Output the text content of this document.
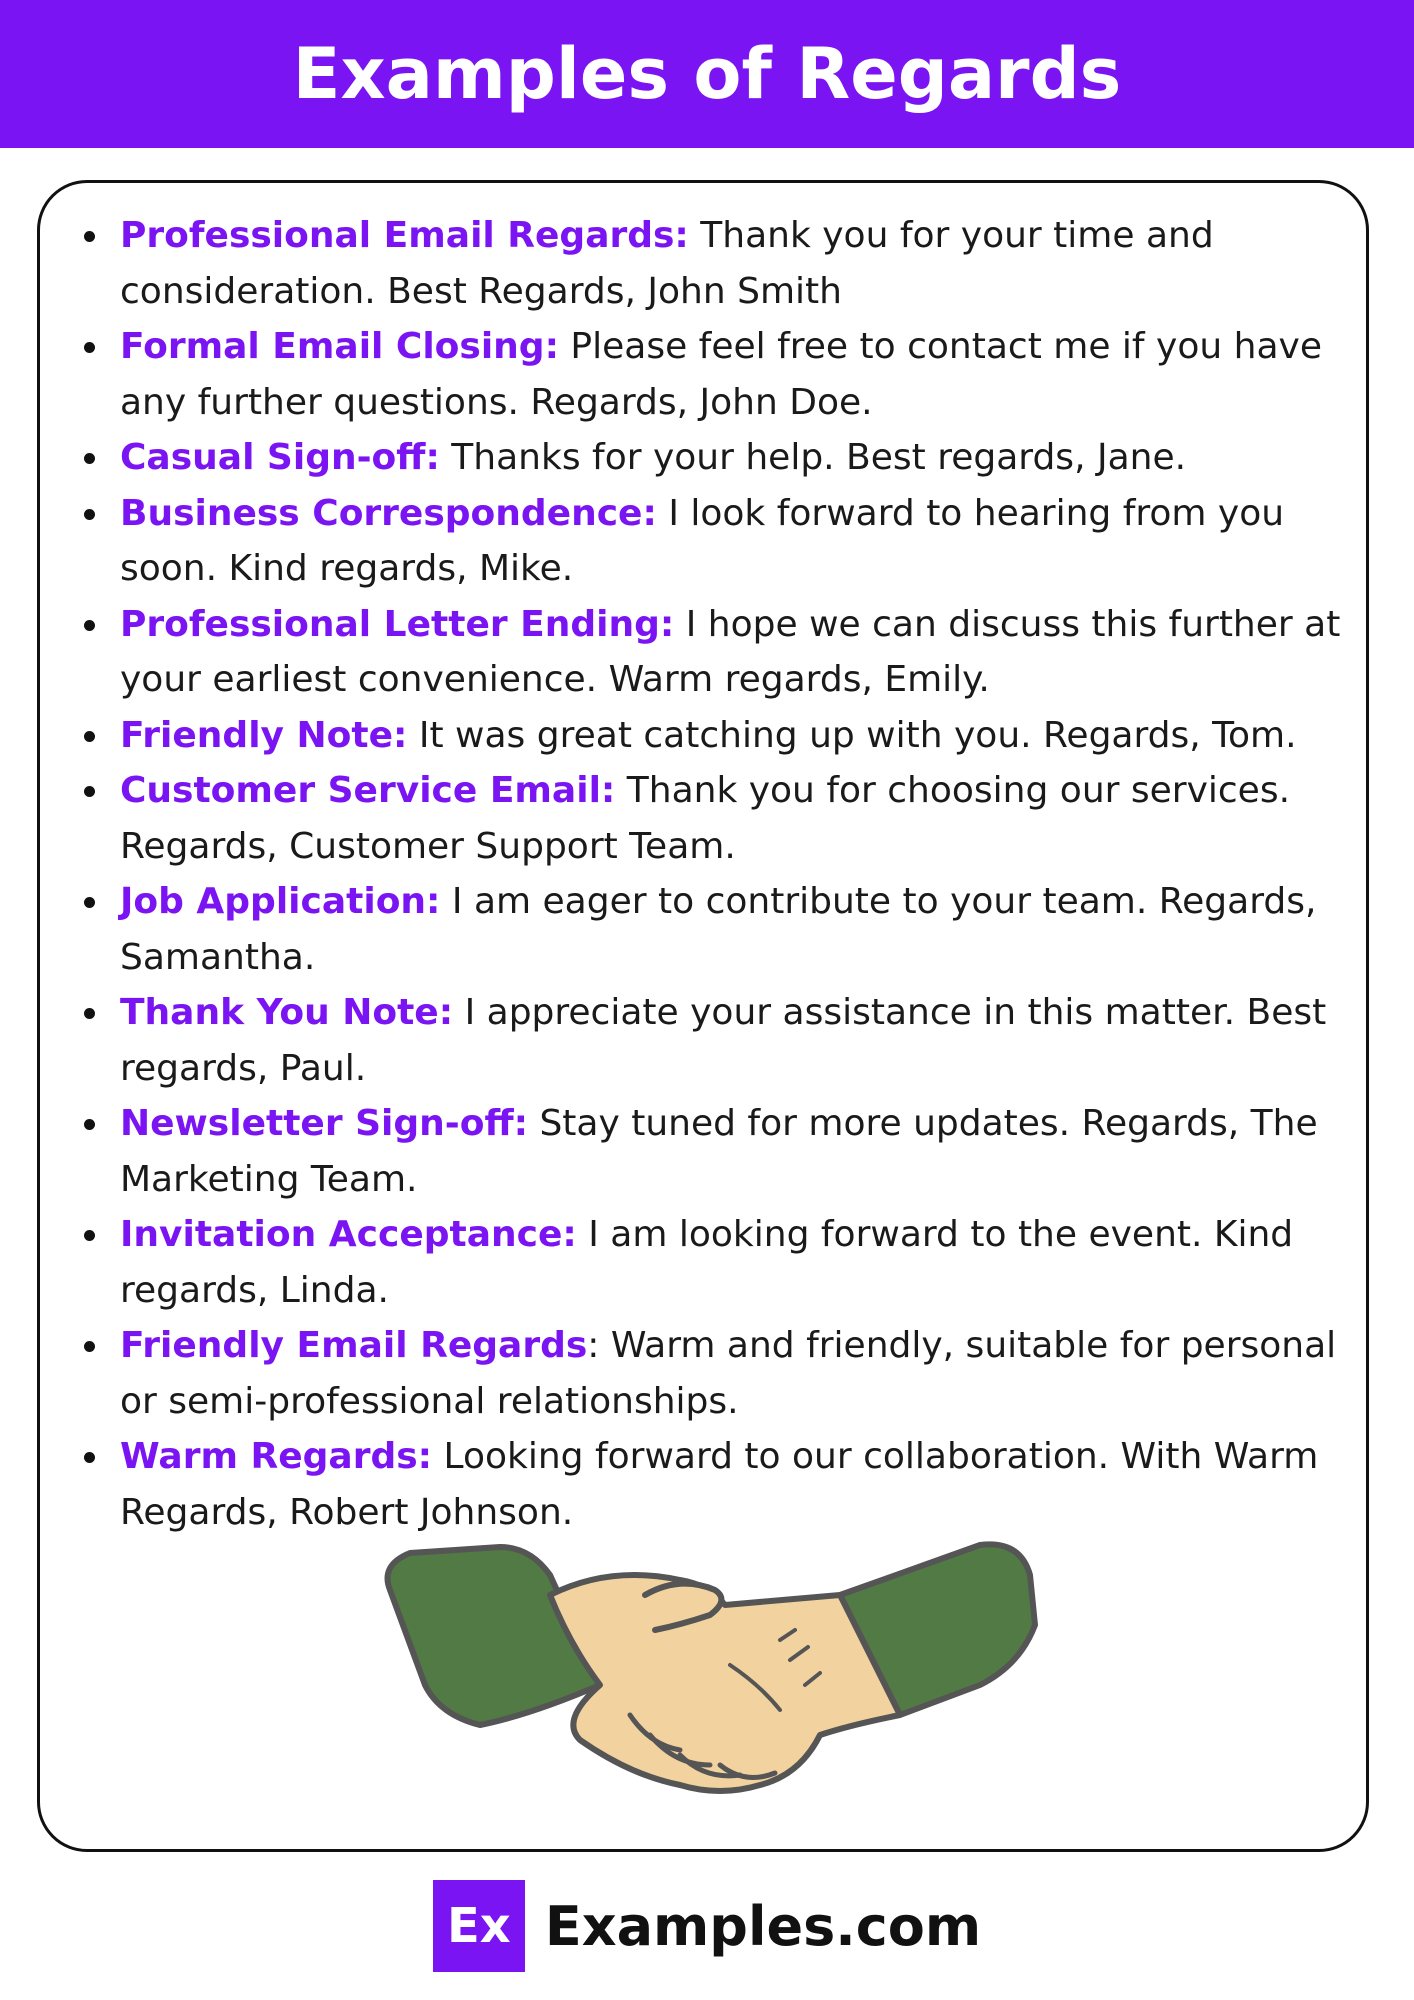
Examples of Regards
Professional Email Regards: Thank you for your time and
consideration. Best Regards, John Smith
Formal Email Closing: Please feel free to contact me if you have
any further questions. Regards, John Doe.
Casual Sign-off: Thanks for your help. Best regards, Jane.
Business Correspondence: I look forward to hearing from you
soon. Kind regards, Mike.
Professional Letter Ending: I hope we can discuss this further at
your earliest convenience. Warm regards, Emily.
Friendly Note: It was great catching up with you. Regards, Tom.
Customer Service Email: Thank you for choosing our services.
Regards, Customer Support Team.
Job Application: I am eager to contribute to your team. Regards,
Samantha.
Thank You Note: I appreciate your assistance in this matter. Best
regards, Paul.
Newsletter Sign-off: Stay tuned for more updates. Regards, The
Marketing Team.
Invitation Acceptance: I am looking forward to the event. Kind
regards, Linda.
Friendly Email Regards: Warm and friendly, suitable for personal
or semi-professional relationships.
Warm Regards: Looking forward to our collaboration. With Warm
Regards, Robert Johnson.
Ex Examples.com
